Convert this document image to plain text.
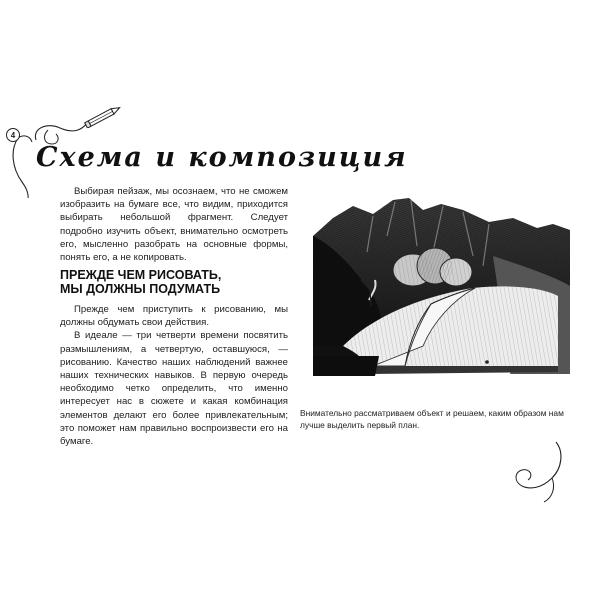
4
Схема и композиция

Выбирая пейзаж, мы осознаем, что не сможем изобразить на бумаге все, что видим, приходится выбирать небольшой фрагмент. Следует подробно изучить объект, внимательно осмотреть его, мысленно разобрать на основные формы, понять его, а не копировать.

ПРЕЖДЕ ЧЕМ РИСОВАТЬ,
МЫ ДОЛЖНЫ ПОДУМАТЬ

Прежде чем приступить к рисованию, мы должны обдумать свои действия.

В идеале — три четверти времени посвятить размышлениям, а четвертую, оставшуюся, — рисованию. Качество наших наблюдений важнее наших технических навыков. В первую очередь необходимо четко определить, что именно интересует нас в сюжете и какая комбинация элементов делают его более привлекательным; это поможет нам правильно воспроизвести его на бумаге.

Внимательно рассматриваем объект и решаем, каким образом нам лучше выделить первый план.
